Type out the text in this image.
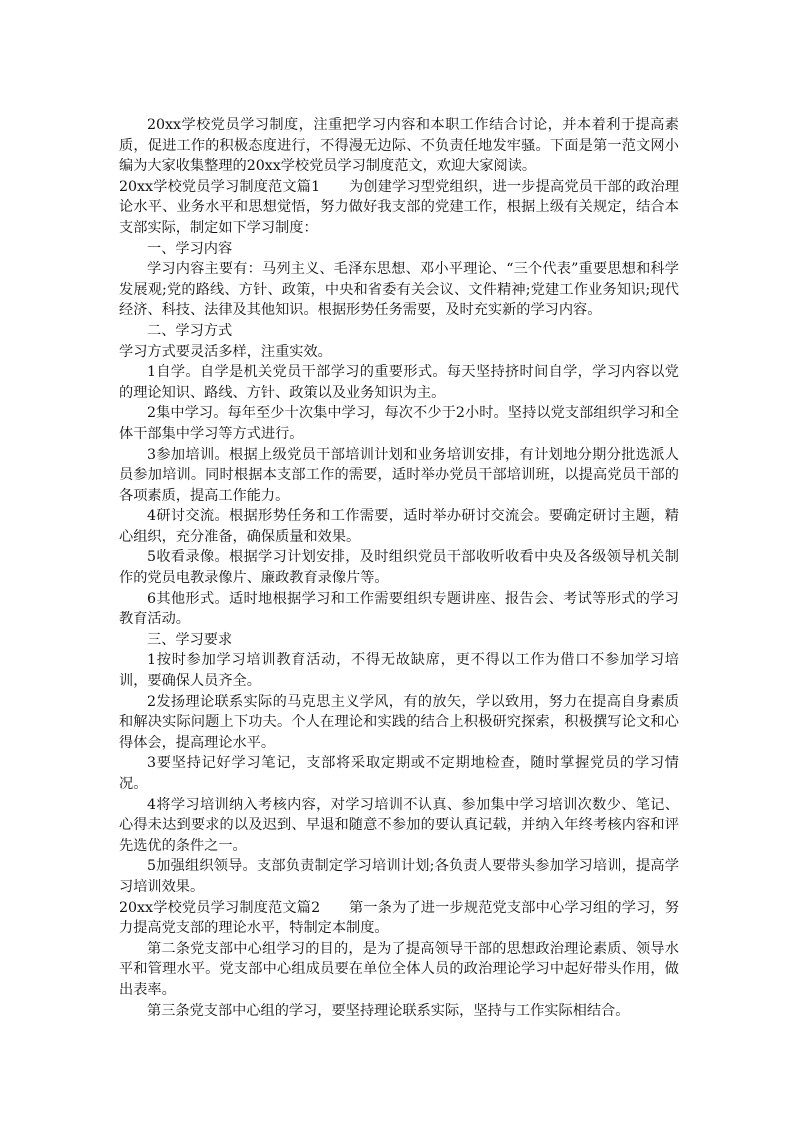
20xx学校党员学习制度，注重把学习内容和本职工作结合讨论，并本着利于提高素质，促进工作的积极态度进行，不得漫无边际、不负责任地发牢骚。下面是第一范文网小编为大家收集整理的20xx学校党员学习制度范文，欢迎大家阅读。

20xx学校党员学习制度范文篇1　　为创建学习型党组织，进一步提高党员干部的政治理论水平、业务水平和思想觉悟，努力做好我支部的党建工作，根据上级有关规定，结合本支部实际，制定如下学习制度：

一、学习内容

学习内容主要有：马列主义、毛泽东思想、邓小平理论、“三个代表”重要思想和科学发展观;党的路线、方针、政策，中央和省委有关会议、文件精神;党建工作业务知识;现代经济、科技、法律及其他知识。根据形势任务需要，及时充实新的学习内容。

二、学习方式

学习方式要灵活多样，注重实效。

1自学。自学是机关党员干部学习的重要形式。每天坚持挤时间自学，学习内容以党的理论知识、路线、方针、政策以及业务知识为主。

2集中学习。每年至少十次集中学习，每次不少于2小时。坚持以党支部组织学习和全体干部集中学习等方式进行。

3参加培训。根据上级党员干部培训计划和业务培训安排，有计划地分期分批选派人员参加培训。同时根据本支部工作的需要，适时举办党员干部培训班，以提高党员干部的各项素质，提高工作能力。

4研讨交流。根据形势任务和工作需要，适时举办研讨交流会。要确定研讨主题，精心组织，充分准备，确保质量和效果。

5收看录像。根据学习计划安排，及时组织党员干部收听收看中央及各级领导机关制作的党员电教录像片、廉政教育录像片等。

6其他形式。适时地根据学习和工作需要组织专题讲座、报告会、考试等形式的学习教育活动。

三、学习要求

1按时参加学习培训教育活动，不得无故缺席，更不得以工作为借口不参加学习培训，要确保人员齐全。

2发扬理论联系实际的马克思主义学风，有的放矢，学以致用，努力在提高自身素质和解决实际问题上下功夫。个人在理论和实践的结合上积极研究探索，积极撰写论文和心得体会，提高理论水平。

3要坚持记好学习笔记，支部将采取定期或不定期地检查，随时掌握党员的学习情况。

4将学习培训纳入考核内容，对学习培训不认真、参加集中学习培训次数少、笔记、心得未达到要求的以及迟到、早退和随意不参加的要认真记载，并纳入年终考核内容和评先选优的条件之一。

5加强组织领导。支部负责制定学习培训计划;各负责人要带头参加学习培训，提高学习培训效果。

20xx学校党员学习制度范文篇2　　第一条为了进一步规范党支部中心学习组的学习，努力提高党支部的理论水平，特制定本制度。

第二条党支部中心组学习的目的，是为了提高领导干部的思想政治理论素质、领导水平和管理水平。党支部中心组成员要在单位全体人员的政治理论学习中起好带头作用，做出表率。

第三条党支部中心组的学习，要坚持理论联系实际，坚持与工作实际相结合。
